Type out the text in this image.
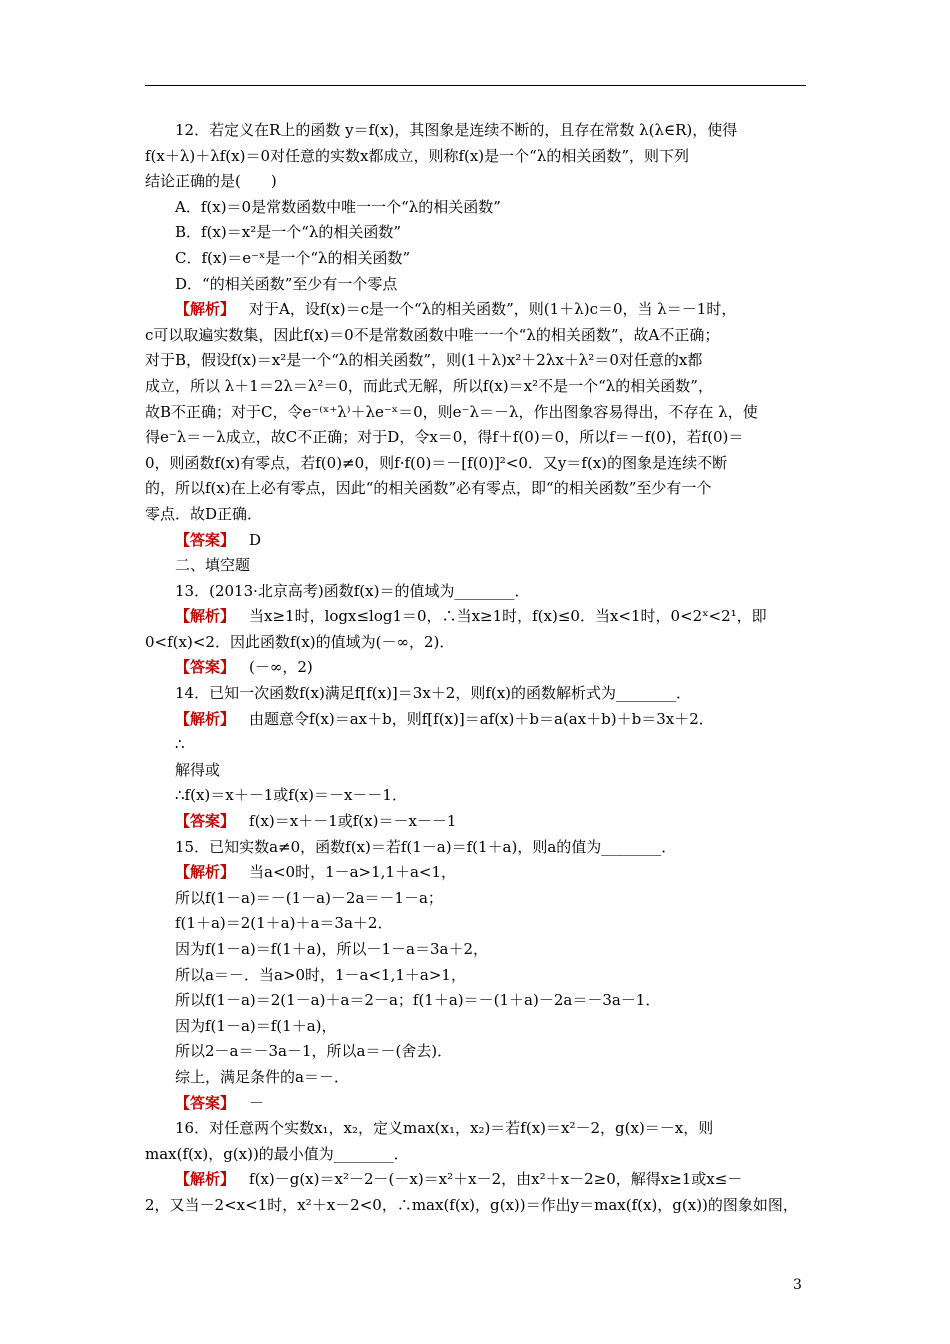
12．若定义在R上的函数 y＝f(x)，其图象是连续不断的，且存在常数 λ(λ∈R)，使得
f(x＋λ)＋λf(x)＝0对任意的实数x都成立，则称f(x)是一个“λ的相关函数”，则下列
结论正确的是(　　)
A．f(x)＝0是常数函数中唯一一个“λ的相关函数”
B．f(x)＝x²是一个“λ的相关函数”
C．f(x)＝e⁻ˣ是一个“λ的相关函数”
D．“的相关函数”至少有一个零点
【解析】 对于A，设f(x)＝c是一个“λ的相关函数”，则(1＋λ)c＝0，当 λ＝－1时，
c可以取遍实数集，因此f(x)＝0不是常数函数中唯一一个“λ的相关函数”，故A不正确；
对于B，假设f(x)＝x²是一个“λ的相关函数”，则(1＋λ)x²＋2λx＋λ²＝0对任意的x都
成立，所以 λ＋1＝2λ＝λ²＝0，而此式无解，所以f(x)＝x²不是一个“λ的相关函数”，
故B不正确；对于C，令e⁻⁽ˣ⁺λ⁾＋λe⁻ˣ＝0，则e⁻λ＝－λ，作出图象容易得出，不存在 λ，使
得e⁻λ＝－λ成立，故C不正确；对于D，令x＝0，得f＋f(0)＝0，所以f＝－f(0)，若f(0)＝
0，则函数f(x)有零点，若f(0)≠0，则f·f(0)＝－[f(0)]²<0．又y＝f(x)的图象是连续不断
的，所以f(x)在上必有零点，因此“的相关函数”必有零点，即“的相关函数”至少有一个
零点．故D正确．
【答案】 D
二、填空题
13．(2013·北京高考)函数f(x)＝的值域为________．
【解析】 当x≥1时，logx≤log1＝0，∴当x≥1时，f(x)≤0．当x<1时，0<2ˣ<2¹，即
0<f(x)<2．因此函数f(x)的值域为(－∞，2)．
【答案】 (－∞，2)
14．已知一次函数f(x)满足f[f(x)]＝3x＋2，则f(x)的函数解析式为________．
【解析】 由题意令f(x)＝ax＋b，则f[f(x)]＝af(x)＋b＝a(ax＋b)＋b＝3x＋2．
∴
解得或
∴f(x)＝x＋－1或f(x)＝－x－－1．
【答案】 f(x)＝x＋－1或f(x)＝－x－－1
15．已知实数a≠0，函数f(x)＝若f(1－a)＝f(1＋a)，则a的值为________．
【解析】 当a<0时，1－a>1,1＋a<1，
所以f(1－a)＝－(1－a)－2a＝－1－a；
f(1＋a)＝2(1＋a)＋a＝3a＋2．
因为f(1－a)＝f(1＋a)，所以－1－a＝3a＋2，
所以a＝－．当a>0时，1－a<1,1＋a>1，
所以f(1－a)＝2(1－a)＋a＝2－a；f(1＋a)＝－(1＋a)－2a＝－3a－1．
因为f(1－a)＝f(1＋a)，
所以2－a＝－3a－1，所以a＝－(舍去)．
综上，满足条件的a＝－．
【答案】 －
16．对任意两个实数x₁，x₂，定义max(x₁，x₂)＝若f(x)＝x²－2，g(x)＝－x，则
max(f(x)，g(x))的最小值为________．
【解析】 f(x)－g(x)＝x²－2－(－x)＝x²＋x－2，由x²＋x－2≥0，解得x≥1或x≤－
2，又当－2<x<1时，x²＋x－2<0，∴max(f(x)，g(x))＝作出y＝max(f(x)，g(x))的图象如图，
3
